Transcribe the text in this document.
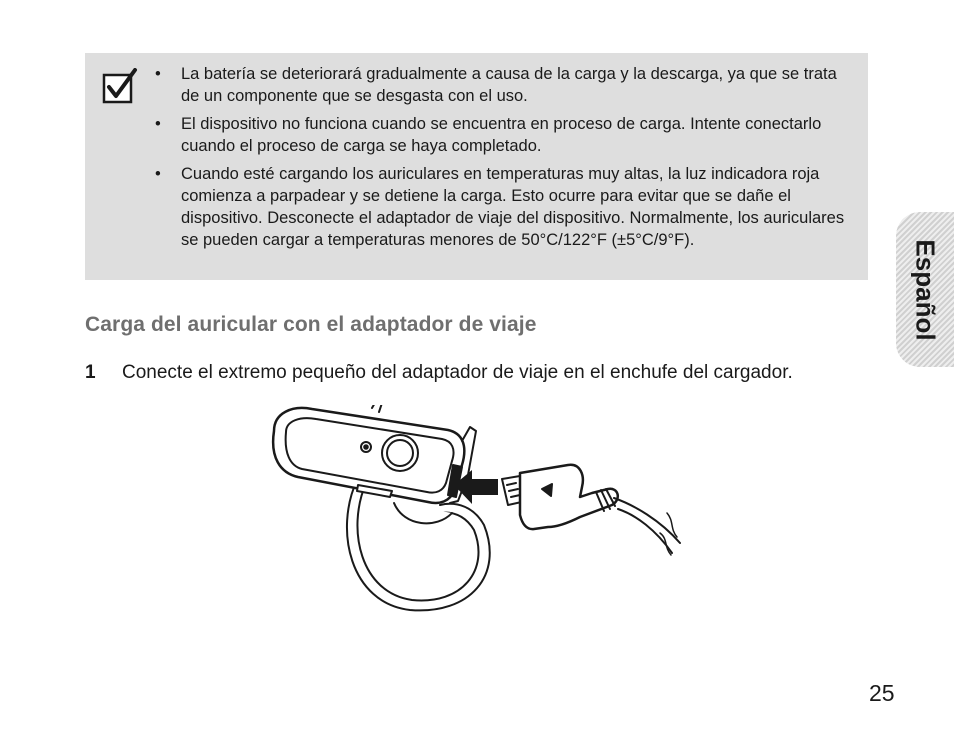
• La batería se deteriorará gradualmente a causa de la carga y la descarga, ya que se trata de un componente que se desgasta con el uso.
• El dispositivo no funciona cuando se encuentra en proceso de carga. Intente conectarlo cuando el proceso de carga se haya completado.
• Cuando esté cargando los auriculares en temperaturas muy altas, la luz indicadora roja comienza a parpadear y se detiene la carga. Esto ocurre para evitar que se dañe el dispositivo. Desconecte el adaptador de viaje del dispositivo. Normalmente, los auriculares se pueden cargar a temperaturas menores de 50°C/122°F (±5°C/9°F).
Carga del auricular con el adaptador de viaje
1 Conecte el extremo pequeño del adaptador de viaje en el enchufe del cargador.
Español
25
